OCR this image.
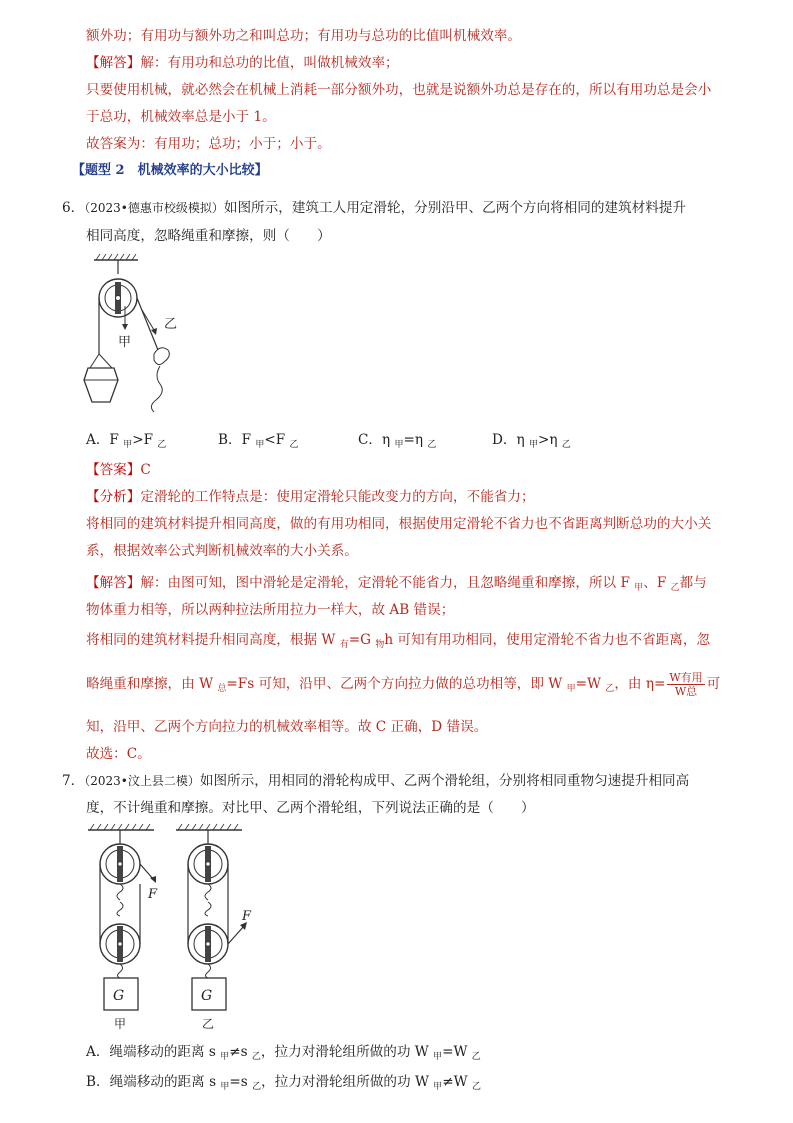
额外功；有用功与额外功之和叫总功；有用功与总功的比值叫机械效率。
【解答】解：有用功和总功的比值，叫做机械效率；
只要使用机械，就必然会在机械上消耗一部分额外功，也就是说额外功总是存在的，所以有用功总是会小
于总功，机械效率总是小于 1。
故答案为：有用功；总功；小于；小于。
【题型 2　机械效率的大小比较】
6．（2023•德惠市校级模拟）如图所示，建筑工人用定滑轮，分别沿甲、乙两个方向将相同的建筑材料提升
相同高度，忽略绳重和摩擦，则（　　）
甲
乙
A．F $_甲$>F $_乙$	B．F $_甲$<F $_乙$	C．η $_甲$=η $_乙$	D．η $_甲$>η $_乙$
【答案】C
【分析】定滑轮的工作特点是：使用定滑轮只能改变力的方向，不能省力；
将相同的建筑材料提升相同高度，做的有用功相同，根据使用定滑轮不省力也不省距离判断总功的大小关
系，根据效率公式判断机械效率的大小关系。
【解答】解：由图可知，图中滑轮是定滑轮，定滑轮不能省力，且忽略绳重和摩擦，所以 F $_甲$、F $_乙$都与
物体重力相等，所以两种拉法所用拉力一样大，故 AB 错误；
将相同的建筑材料提升相同高度，根据 W $_有$=G $_物$h 可知有用功相同，使用定滑轮不省力也不省距离，忽
略绳重和摩擦，由 W $_总$=Fs 可知，沿甲、乙两个方向拉力做的总功相等，即 W $_甲$=W $_乙$，由 $\eta= \frac{\text{W有用}}{\text{W总}}$ 可
知，沿甲、乙两个方向拉力的机械效率相等。故 C 正确，D 错误。
故选：C。
7．（2023•汶上县二模）如图所示，用相同的滑轮构成甲、乙两个滑轮组，分别将相同重物匀速提升相同高
度，不计绳重和摩擦。对比甲、乙两个滑轮组，下列说法正确的是（　　）
F
G
甲
F
G
乙
A．绳端移动的距离 s $_甲$≠s $_乙$，拉力对滑轮组所做的功 W $_甲$=W $_乙$
B．绳端移动的距离 s $_甲$=s $_乙$，拉力对滑轮组所做的功 W $_甲$≠W $_乙$
